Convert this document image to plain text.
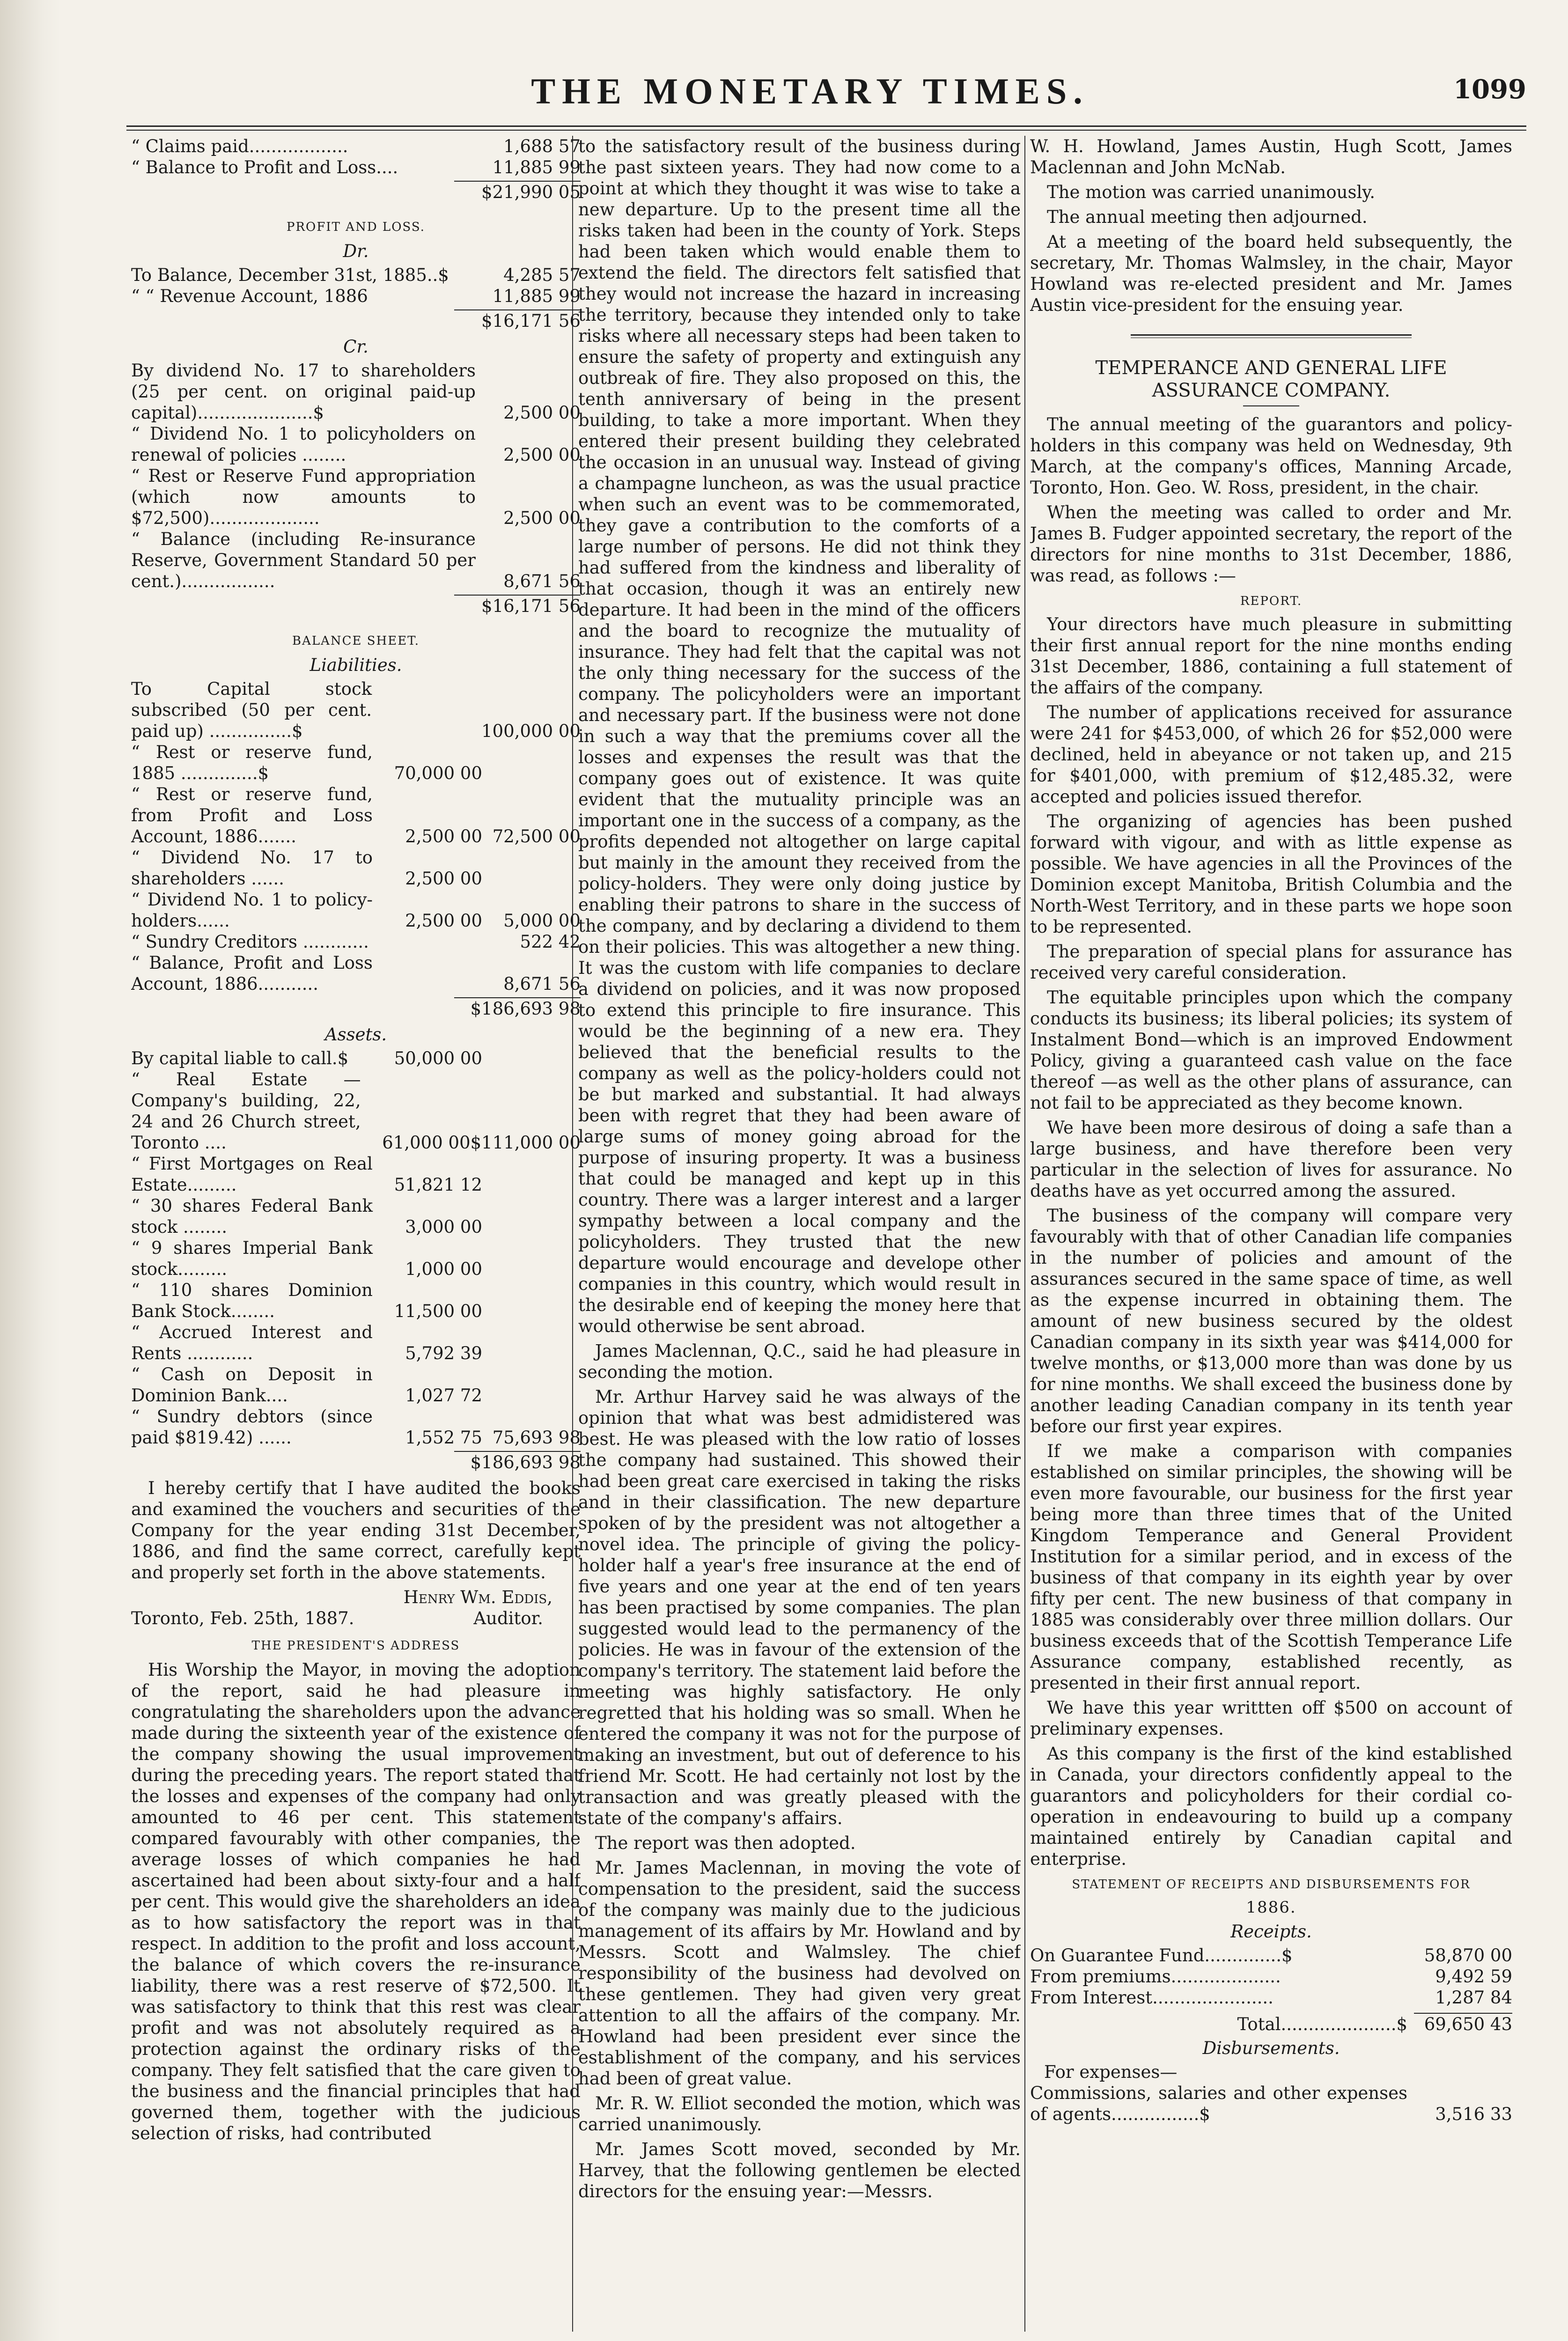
THE MONETARY TIMES.	1099
“ Claims paid..................	1,688 57
“ Balance to Profit and Loss....	11,885 99
$21,990 05
PROFIT AND LOSS.
Dr.
To Balance, December 31st, 1885..$	4,285 57
“ “ Revenue Account, 1886	11,885 99
$16,171 56
Cr.
By dividend No. 17 to shareholders (25 per cent. on original paid-up capital).....................$	2,500 00
“ Dividend No. 1 to policyholders on renewal of policies ........	2,500 00
“ Rest or Reserve Fund appropriation (which now amounts to $72,500)....................	2,500 00
“ Balance (including Re-insurance Reserve, Government Standard 50 per cent.).................	8,671 56
$16,171 56
BALANCE SHEET.
Liabilities.
To Capital stock subscribed (50 per cent. paid up) ...............$	100,000 00
“ Rest or reserve fund, 1885 ..............$	70,000 00
“ Rest or reserve fund, from Profit and Loss Account, 1886.......	2,500 00 72,500 00
“ Dividend No. 17 to shareholders ......	2,500 00
“ Dividend No. 1 to policy-holders......	2,500 00	5,000 00
“ Sundry Creditors ............	522 42
“ Balance, Profit and Loss Account, 1886...........	8,671 56
$186,693 98
Assets.
By capital liable to call.$	50,000 00
“ Real Estate — Company's building, 22, 24 and 26 Church street, Toronto ....	61,000 00 $111,000 00
“ First Mortgages on Real Estate.........	51,821 12
“ 30 shares Federal Bank stock ........	3,000 00
“ 9 shares Imperial Bank stock.........	1,000 00
“ 110 shares Dominion Bank Stock........	11,500 00
“ Accrued Interest and Rents ............	5,792 39
“ Cash on Deposit in Dominion Bank....	1,027 72
“ Sundry debtors (since paid $819.42) ......	1,552 75 75,693 98
$186,693 98

I hereby certify that I have audited the books and examined the vouchers and securities of the Company for the year ending 31st December, 1886, and find the same correct, carefully kept and properly set forth in the above statements.

Henry Wm. Eddis,
Toronto, Feb. 25th, 1887.	Auditor.
THE PRESIDENT'S ADDRESS

His Worship the Mayor, in moving the adoption of the report, said he had pleasure in congratulating the shareholders upon the advance made during the sixteenth year of the existence of the company showing the usual improvement during the preceding years. The report stated that the losses and expenses of the company had only amounted to 46 per cent. This statement compared favourably with other companies, the average losses of which companies he had ascertained had been about sixty-four and a half per cent. This would give the shareholders an idea as to how satisfactory the report was in that respect. In addition to the profit and loss account, the balance of which covers the re-insurance liability, there was a rest reserve of $72,500. It was satisfactory to think that this rest was clear profit and was not absolutely required as a protection against the ordinary risks of the company. They felt satisfied that the care given to the business and the financial principles that had governed them, together with the judicious selection of risks, had contributed

to the satisfactory result of the business during the past sixteen years. They had now come to a point at which they thought it was wise to take a new departure. Up to the present time all the risks taken had been in the county of York. Steps had been taken which would enable them to extend the field. The directors felt satisfied that they would not increase the hazard in increasing the territory, because they intended only to take risks where all necessary steps had been taken to ensure the safety of property and extinguish any outbreak of fire. They also proposed on this, the tenth anniversary of being in the present building, to take a more important. When they entered their present building they celebrated the occasion in an unusual way. Instead of giving a champagne luncheon, as was the usual practice when such an event was to be commemorated, they gave a contribution to the comforts of a large number of persons. He did not think they had suffered from the kindness and liberality of that occasion, though it was an entirely new departure. It had been in the mind of the officers and the board to recognize the mutuality of insurance. They had felt that the capital was not the only thing necessary for the success of the company. The policyholders were an important and necessary part. If the business were not done in such a way that the premiums cover all the losses and expenses the result was that the company goes out of existence. It was quite evident that the mutuality principle was an important one in the success of a company, as the profits depended not altogether on large capital but mainly in the amount they received from the policy-holders. They were only doing justice by enabling their patrons to share in the success of the company, and by declaring a dividend to them on their policies. This was altogether a new thing. It was the custom with life companies to declare a dividend on policies, and it was now proposed to extend this principle to fire insurance. This would be the beginning of a new era. They believed that the beneficial results to the company as well as the policy-holders could not be but marked and substantial. It had always been with regret that they had been aware of large sums of money going abroad for the purpose of insuring property. It was a business that could be managed and kept up in this country. There was a larger interest and a larger sympathy between a local company and the policyholders. They trusted that the new departure would encourage and develope other companies in this country, which would result in the desirable end of keeping the money here that would otherwise be sent abroad.

James Maclennan, Q.C., said he had pleasure in seconding the motion.

Mr. Arthur Harvey said he was always of the opinion that what was best admidistered was best. He was pleased with the low ratio of losses the company had sustained. This showed their had been great care exercised in taking the risks and in their classification. The new departure spoken of by the president was not altogether a novel idea. The principle of giving the policy-holder half a year's free insurance at the end of five years and one year at the end of ten years has been practised by some companies. The plan suggested would lead to the permanency of the policies. He was in favour of the extension of the company's territory. The statement laid before the meeting was highly satisfactory. He only regretted that his holding was so small. When he entered the company it was not for the purpose of making an investment, but out of deference to his friend Mr. Scott. He had certainly not lost by the transaction and was greatly pleased with the state of the company's affairs.

The report was then adopted.

Mr. James Maclennan, in moving the vote of compensation to the president, said the success of the company was mainly due to the judicious management of its affairs by Mr. Howland and by Messrs. Scott and Walmsley. The chief responsibility of the business had devolved on these gentlemen. They had given very great attention to all the affairs of the company. Mr. Howland had been president ever since the establishment of the company, and his services had been of great value.

Mr. R. W. Elliot seconded the motion, which was carried unanimously.

Mr. James Scott moved, seconded by Mr. Harvey, that the following gentlemen be elected directors for the ensuing year:—Messrs.

W. H. Howland, James Austin, Hugh Scott, James Maclennan and John McNab.

The motion was carried unanimously.

The annual meeting then adjourned.

At a meeting of the board held subsequently, the secretary, Mr. Thomas Walmsley, in the chair, Mayor Howland was re-elected president and Mr. James Austin vice-president for the ensuing year.

TEMPERANCE AND GENERAL LIFE ASSURANCE COMPANY.

The annual meeting of the guarantors and policy-holders in this company was held on Wednesday, 9th March, at the company's offices, Manning Arcade, Toronto, Hon. Geo. W. Ross, president, in the chair.

When the meeting was called to order and Mr. James B. Fudger appointed secretary, the report of the directors for nine months to 31st December, 1886, was read, as follows :—

REPORT.

Your directors have much pleasure in submitting their first annual report for the nine months ending 31st December, 1886, containing a full statement of the affairs of the company.

The number of applications received for assurance were 241 for $453,000, of which 26 for $52,000 were declined, held in abeyance or not taken up, and 215 for $401,000, with premium of $12,485.32, were accepted and policies issued therefor.

The organizing of agencies has been pushed forward with vigour, and with as little expense as possible. We have agencies in all the Provinces of the Dominion except Manitoba, British Columbia and the North-West Territory, and in these parts we hope soon to be represented.

The preparation of special plans for assurance has received very careful consideration.

The equitable principles upon which the company conducts its business; its liberal policies; its system of Instalment Bond—which is an improved Endowment Policy, giving a guaranteed cash value on the face thereof —as well as the other plans of assurance, can not fail to be appreciated as they become known.

We have been more desirous of doing a safe than a large business, and have therefore been very particular in the selection of lives for assurance. No deaths have as yet occurred among the assured.

The business of the company will compare very favourably with that of other Canadian life companies in the number of policies and amount of the assurances secured in the same space of time, as well as the expense incurred in obtaining them. The amount of new business secured by the oldest Canadian company in its sixth year was $414,000 for twelve months, or $13,000 more than was done by us for nine months. We shall exceed the business done by another leading Canadian company in its tenth year before our first year expires.

If we make a comparison with companies established on similar principles, the showing will be even more favourable, our business for the first year being more than three times that of the United Kingdom Temperance and General Provident Institution for a similar period, and in excess of the business of that company in its eighth year by over fifty per cent. The new business of that company in 1885 was considerably over three million dollars. Our business exceeds that of the Scottish Temperance Life Assurance company, established recently, as presented in their first annual report.

We have this year writtten off $500 on account of preliminary expenses.

As this company is the first of the kind established in Canada, your directors confidently appeal to the guarantors and policyholders for their cordial co-operation in endeavouring to build up a company maintained entirely by Canadian capital and enterprise.

STATEMENT OF RECEIPTS AND DISBURSEMENTS FOR
1886.
Receipts.
On Guarantee Fund..............$	58,870 00
From premiums....................	9,492 59
From Interest......................	1,287 84
Total.....................$ 69,650 43
Disbursements.
For expenses—
Commissions, salaries and other expenses of agents................$	3,516 33
